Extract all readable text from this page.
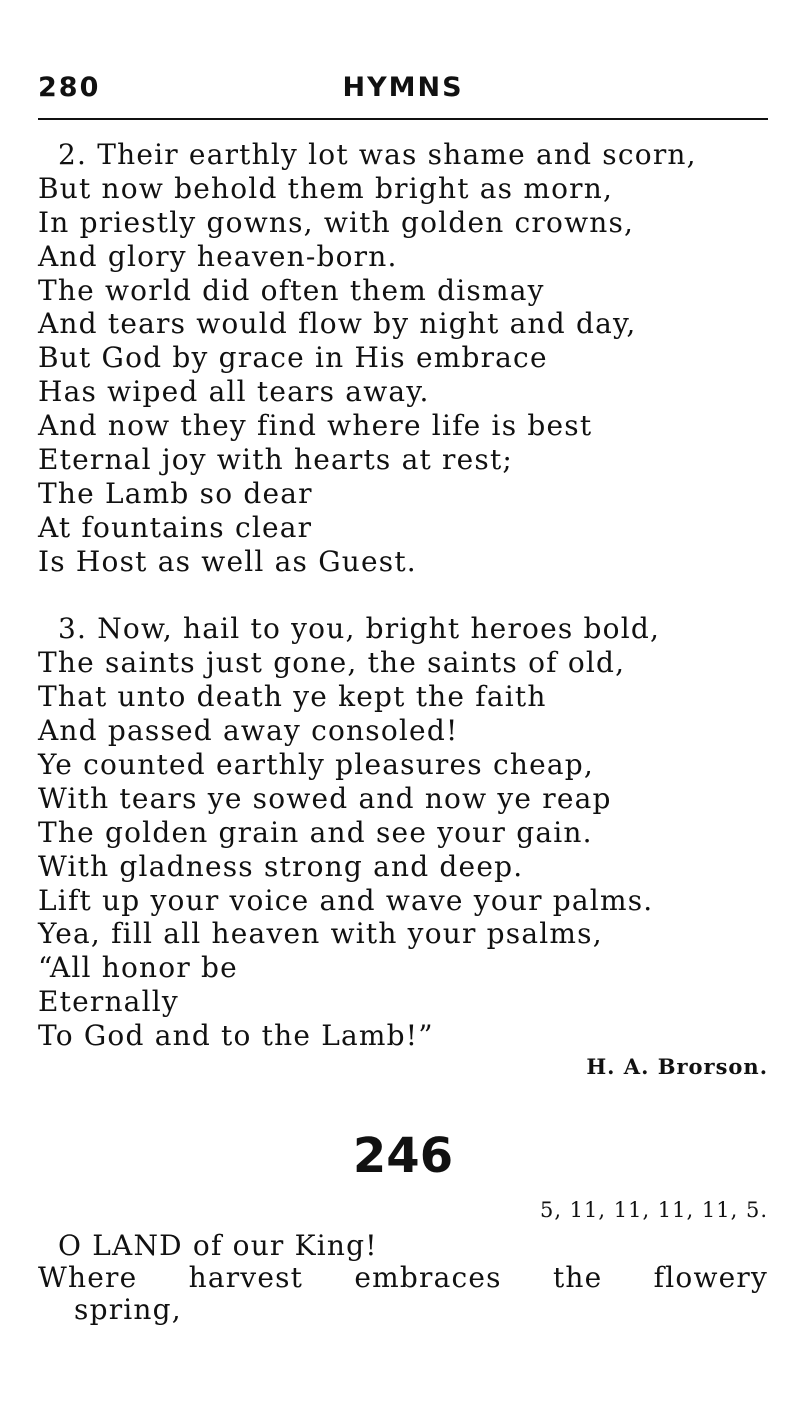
280	HYMNS
2. Their earthly lot was shame and scorn,
But now behold them bright as morn,
In priestly gowns, with golden crowns,
And glory heaven-born.
The world did often them dismay
And tears would flow by night and day,
But God by grace in His embrace
Has wiped all tears away.
And now they find where life is best
Eternal joy with hearts at rest;
The Lamb so dear
At fountains clear
Is Host as well as Guest.
3. Now, hail to you, bright heroes bold,
The saints just gone, the saints of old,
That unto death ye kept the faith
And passed away consoled!
Ye counted earthly pleasures cheap,
With tears ye sowed and now ye reap
The golden grain and see your gain.
With gladness strong and deep.
Lift up your voice and wave your palms.
Yea, fill all heaven with your psalms,
“All honor be
Eternally
To God and to the Lamb!”
H. A. Brorson.
246
5, 11, 11, 11, 11, 5.
O LAND of our King!
Where harvest embraces the flowery
spring,
